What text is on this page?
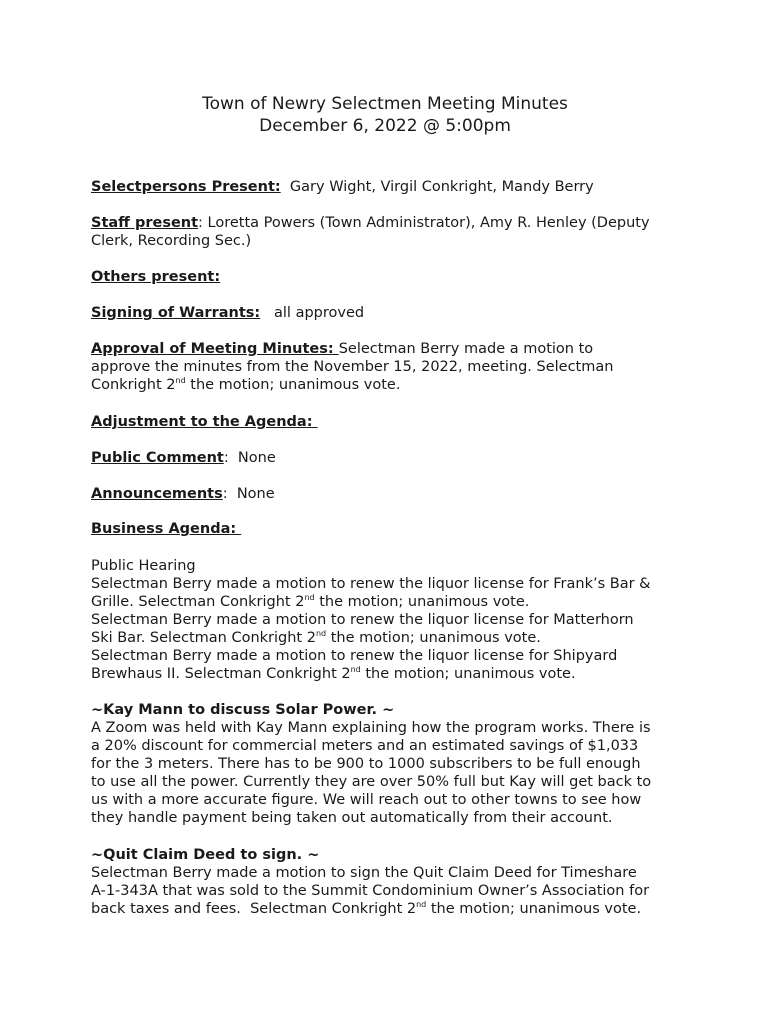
Town of Newry Selectmen Meeting Minutes
December 6, 2022 @ 5:00pm
Selectpersons Present:  Gary Wight, Virgil Conkright, Mandy Berry
Staff present: Loretta Powers (Town Administrator), Amy R. Henley (Deputy
Clerk, Recording Sec.)
Others present:
Signing of Warrants:   all approved
Approval of Meeting Minutes: Selectman Berry made a motion to
approve the minutes from the November 15, 2022, meeting. Selectman
Conkright 2nd the motion; unanimous vote.
Adjustment to the Agenda:
Public Comment:  None
Announcements:  None
Business Agenda:
Public Hearing
Selectman Berry made a motion to renew the liquor license for Frank’s Bar &
Grille. Selectman Conkright 2nd the motion; unanimous vote.
Selectman Berry made a motion to renew the liquor license for Matterhorn
Ski Bar. Selectman Conkright 2nd the motion; unanimous vote.
Selectman Berry made a motion to renew the liquor license for Shipyard
Brewhaus II. Selectman Conkright 2nd the motion; unanimous vote.
~Kay Mann to discuss Solar Power. ~
A Zoom was held with Kay Mann explaining how the program works. There is
a 20% discount for commercial meters and an estimated savings of $1,033
for the 3 meters. There has to be 900 to 1000 subscribers to be full enough
to use all the power. Currently they are over 50% full but Kay will get back to
us with a more accurate figure. We will reach out to other towns to see how
they handle payment being taken out automatically from their account.
~Quit Claim Deed to sign. ~
Selectman Berry made a motion to sign the Quit Claim Deed for Timeshare
A-1-343A that was sold to the Summit Condominium Owner’s Association for
back taxes and fees.  Selectman Conkright 2nd the motion; unanimous vote.
